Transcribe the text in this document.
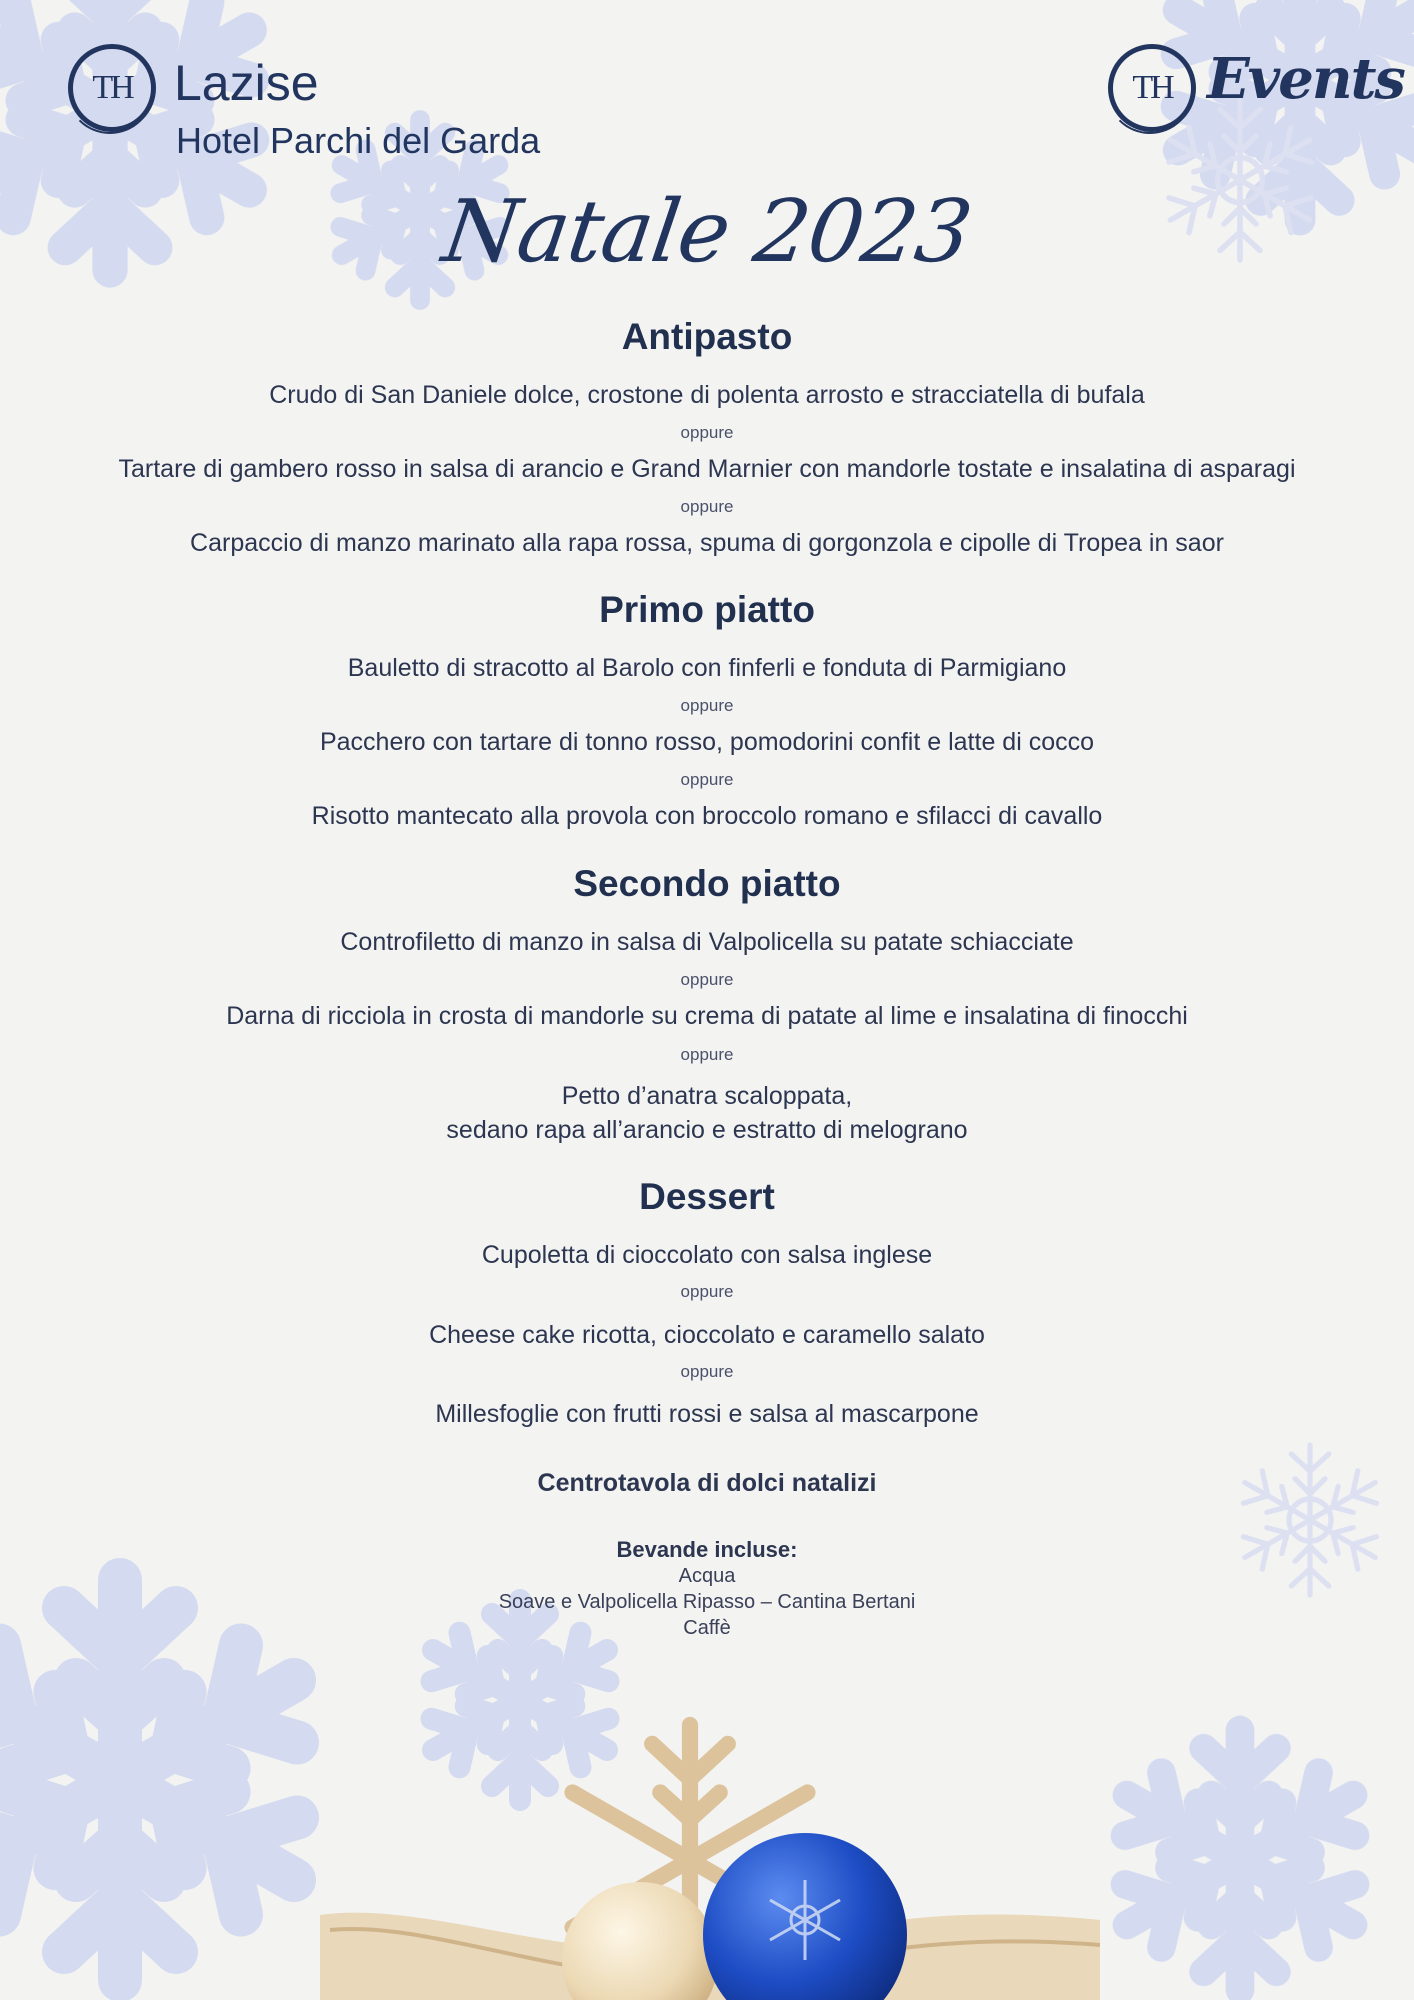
TH Lazise
Hotel Parchi del Garda
TH Events
Natale 2023
Antipasto

Crudo di San Daniele dolce, crostone di polenta arrosto e stracciatella di bufala

oppure

Tartare di gambero rosso in salsa di arancio e Grand Marnier con mandorle tostate e insalatina di asparagi

oppure

Carpaccio di manzo marinato alla rapa rossa, spuma di gorgonzola e cipolle di Tropea in saor

Primo piatto

Bauletto di stracotto al Barolo con finferli e fonduta di Parmigiano

oppure

Pacchero con tartare di tonno rosso, pomodorini confit e latte di cocco

oppure

Risotto mantecato alla provola con broccolo romano e sfilacci di cavallo

Secondo piatto

Controfiletto di manzo in salsa di Valpolicella su patate schiacciate

oppure

Darna di ricciola in crosta di mandorle su crema di patate al lime e insalatina di finocchi

oppure

Petto d’anatra scaloppata,

sedano rapa all’arancio e estratto di melograno

Dessert

Cupoletta di cioccolato con salsa inglese

oppure

Cheese cake ricotta, cioccolato e caramello salato

oppure

Millesfoglie con frutti rossi e salsa al mascarpone

Centrotavola di dolci natalizi

Bevande incluse:

Acqua

Soave e Valpolicella Ripasso – Cantina Bertani

Caffè
